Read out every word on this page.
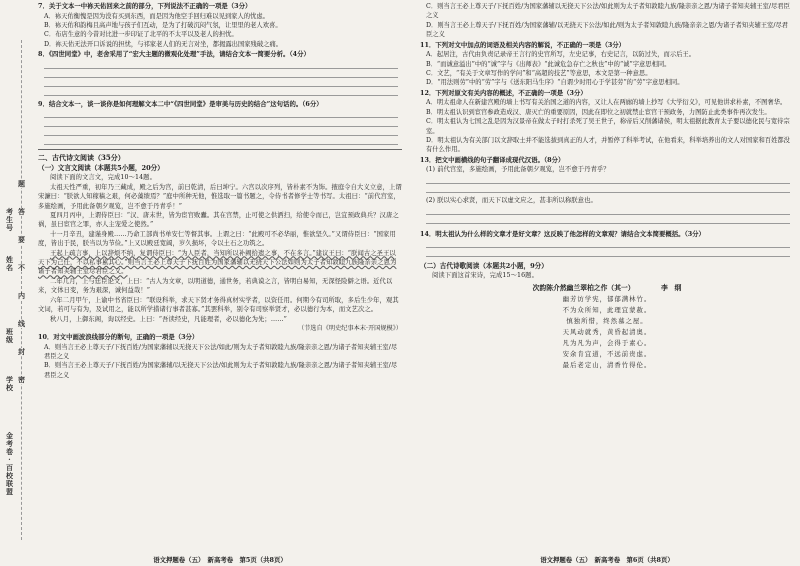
学校
班级
姓名
考生号
金考卷·百校联盟
题
答
要
不
内
线
封
密
7．关于文本一中袮天佑回来之前的部分，下列说法不正确的一项是（3分）
A．袮天佑衡愧是因为没有买到东西，而是因为他空手回归难以见到家人的忧虑。
B．袮天佑和韵梅且高声地与孩子们互动，是为了打破沉闷气氛，让里里的老人欢喜。
C．布店生意的今昔对比进一步印证了北平的不太平以及老人的担忧。
D．袮天佑无法开口诉说的担忧，与祁家老人们的无言对坐，都揭露出国家残破之痛。
8．《四世同堂》中，老舍采用了“宏大主题的微观化处理”手法，请结合文本一简要分析。（4分）
9．结合文本一，谈一谈你是如何理解文本二中“《四世同堂》是审美与历史的结合”这句话的。（6分）
二、古代诗文阅读（35分）
（一）文言文阅读（本题共5小题，20分）
阅读下面的文言文，完成10～14题。
太祖天性严重，初年乃三藏成，殿之后为宫，前曰乾清，后曰坤宁。六宫以次序列，皆朴素不为饰。掖庭令自大义立意，上谓宋濂曰：“朕欲人知稼穑之艰，何必藻缋焉？”庭中所种无他，惟选取一篇书题之，令侍书者修学士等书写。太祖曰：“前代宫室，多施绘画，予用此备朝夕观览，岂不愈于丹青乎！”
夏四月丙申，上谓侍臣曰：“汉、唐末世，皆为宦官败蠹。其在宫禁，止可使之供洒扫，给使令而已，岂宜预政典兵？汉唐之祸，虽曰宦官之罪，亦人主宠爱之使然。”
十一月辛丑，建谨身殿……乃命工部尚书单安仁等督其事。上谓之曰：“此殿可不必华丽，惟欲坚久。”又谓侍臣曰：“国家用度，皆出于民，朕当以为节俭。”上又以殿廷宽阔，岁久损坏，令以土石之功筑之。
王起上疏言事，上以辞烦不纳，复谓侍臣曰：“为人臣者，当知所以补阙拾遗之事，不在多言。”建议王曰：“朕闻古之圣王以天下为己任，不以私事累其心。”则当言王必上尊天子下抚百姓为国家藩辅以无挠天下公法如则为太子者知敦睦九族隆亲亲之恩为诸子者知夹辅王室尽君臣之义。
二年几月，上与廷臣论文，上曰：“古人为文章，以明道德，通世务，若典谟之言，皆明白易知，无深怪险僻之语。近代以来，文体日变，务为艰深，诚何益哉！”
六年二月甲午，上谕中书省臣曰：“联设科举，求天下贤才务得真材实学者，以资任用。何期今有司所取，多后生少年，观其文词，若可与有为，及试用之，能以所学措诸行事者甚寡。”其罢科举，别令有司察举贤才，必以德行为本，而文艺次之。
秋八月，上御东阁，询以经史。上曰：“吾读经史，凡能理者，必以德化为先；……”
（节选自《明史纪事本末·开国规模》）
10．对文中画波浪线部分的断句，正确的一项是（3分）
A．则当言王必上尊天子/下抚百姓/为国家藩辅以无挠天下公法/如此/则为太子者知敦睦九族/隆亲亲之恩/为诸子者知夹辅王室/尽君臣之义
B．则当言王必上尊天子/下抚百姓/为国家藩辅/以无挠天下公法/如此则为太子者知敦睦九族/隆亲亲之恩/为诸子者知夹辅王室/尽君臣之义
语文押题卷（五）　新高考卷　第5页（共8页）
C．则当言王必上尊天子/下抚百姓/为国家藩辅以无挠天下公法/如此则为太子者知敦睦九族/隆亲亲之恩/为诸子者知夹辅王室/尽君臣之义
D．则当言王必上尊天子/下抚百姓/为国家藩辅/以无挠天下公法/如此/则为太子者知敦睦九族/隆亲亲之恩/为诸子者知夹辅王室/尽君臣之义
11．下列对文中加点的词语及相关内容的解说，不正确的一项是（3分）
A．起居注，古代由负责记录帝王言行的史官所写，左史记事，右史记言，以防过失，而示后王。
B．“而诚意溢出”中的“诚”字与《出师表》“此诚危急存亡之秋也”中的“诚”字意思相同。
C．文艺，“有关于文章写作的学问”和“高超的技艺”等意思，本文是第一种意思。
D．“用法则劳”中的“劳”字与《送东阳马生序》“自谓少时用心于学甚劳”的“劳”字意思相同。
12．下列对原文有关内容的概述，不正确的一项是（3分）
A．明太祖命人在新建宫殿的墙上书写有关治国之道的内容，又让人在两廊的墙上抄写《大学衍义》，可见他讲求朴素，不图奢华。
B．明太祖认识到宦官参政造成汉、唐灭亡的重要原因，因此在即位之初就禁止宦官干预政务，力图防止此类事件再次发生。
C．明太祖认为七国之乱是因为汉景帝在做太子时打杀死了吴王世子，称帝后又削藩诸侯，明太祖据此教育太子要以德化民与宽待宗室。
D．明太祖认为有关部门以文辞取士并不能选拔到真正的人才，并暂停了科举考试，在他看来，科举培养出的文人对国家和百姓都没有什么作用。
13．把文中画横线的句子翻译成现代汉语。（8分）
(1) 前代宫室，多施绘画，予用此备朝夕观览，岂不愈于丹青乎？
(2) 朕以实心求贤，而天下以虚文应之，甚非所以称朕意也。
14．明太祖认为什么样的文章才是好文章？这反映了他怎样的文章观？请结合文本简要概括。（3分）
（二）古代诗歌阅读（本题共2小题，9分）
阅读下面这首宋诗，完成15～16题。
次韵陈介然幽兰翠柏之作（其一）	李　纲
幽芳访学宪，郁郁满林竹。
不为众所知，此理宜蒙赦。
慎独所惜，终然慕之屋。
天风动就秀，黄昏起清奥。
凡为凡为声，会得于素心。
安余肯宜道，不远前贵虑。
最后老定山，清香竹得伦。
语文押题卷（五）　新高考卷　第6页（共8页）
